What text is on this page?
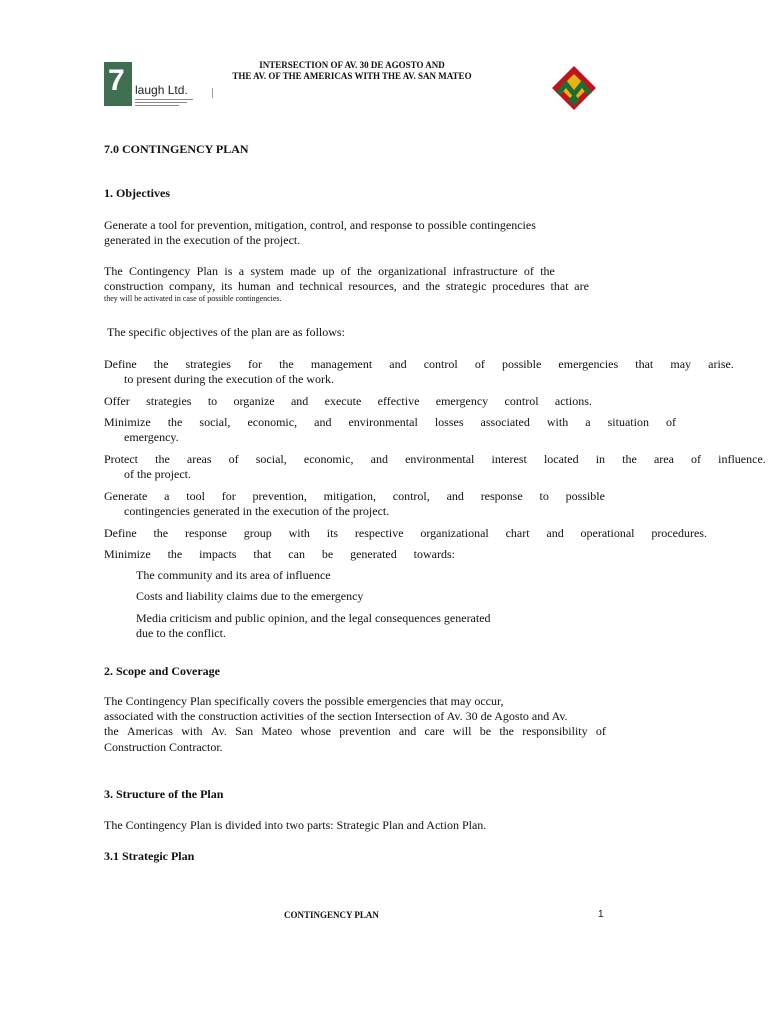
7 laugh Ltd.
INTERSECTION OF AV. 30 DE AGOSTO AND
THE AV. OF THE AMERICAS WITH THE AV. SAN MATEO
7.0 CONTINGENCY PLAN
1. Objectives
Generate a tool for prevention, mitigation, control, and response to possible contingencies
generated in the execution of the project.
The Contingency Plan is a system made up of the organizational infrastructure of the
construction company, its human and technical resources, and the strategic procedures that are
they will be activated in case of possible contingencies.
The specific objectives of the plan are as follows:
Define the strategies for the management and control of possible emergencies that may arise.
to present during the execution of the work.
Offer strategies to organize and execute effective emergency control actions.
Minimize the social, economic, and environmental losses associated with a situation of
emergency.
Protect the areas of social, economic, and environmental interest located in the area of influence.
of the project.
Generate a tool for prevention, mitigation, control, and response to possible
contingencies generated in the execution of the project.
Define the response group with its respective organizational chart and operational procedures.
Minimize the impacts that can be generated towards:
The community and its area of influence
Costs and liability claims due to the emergency
Media criticism and public opinion, and the legal consequences generated
due to the conflict.
2. Scope and Coverage
The Contingency Plan specifically covers the possible emergencies that may occur,
associated with the construction activities of the section Intersection of Av. 30 de Agosto and Av.
the Americas with Av. San Mateo whose prevention and care will be the responsibility of
Construction Contractor.
3. Structure of the Plan
The Contingency Plan is divided into two parts: Strategic Plan and Action Plan.
3.1 Strategic Plan
CONTINGENCY PLAN	1
